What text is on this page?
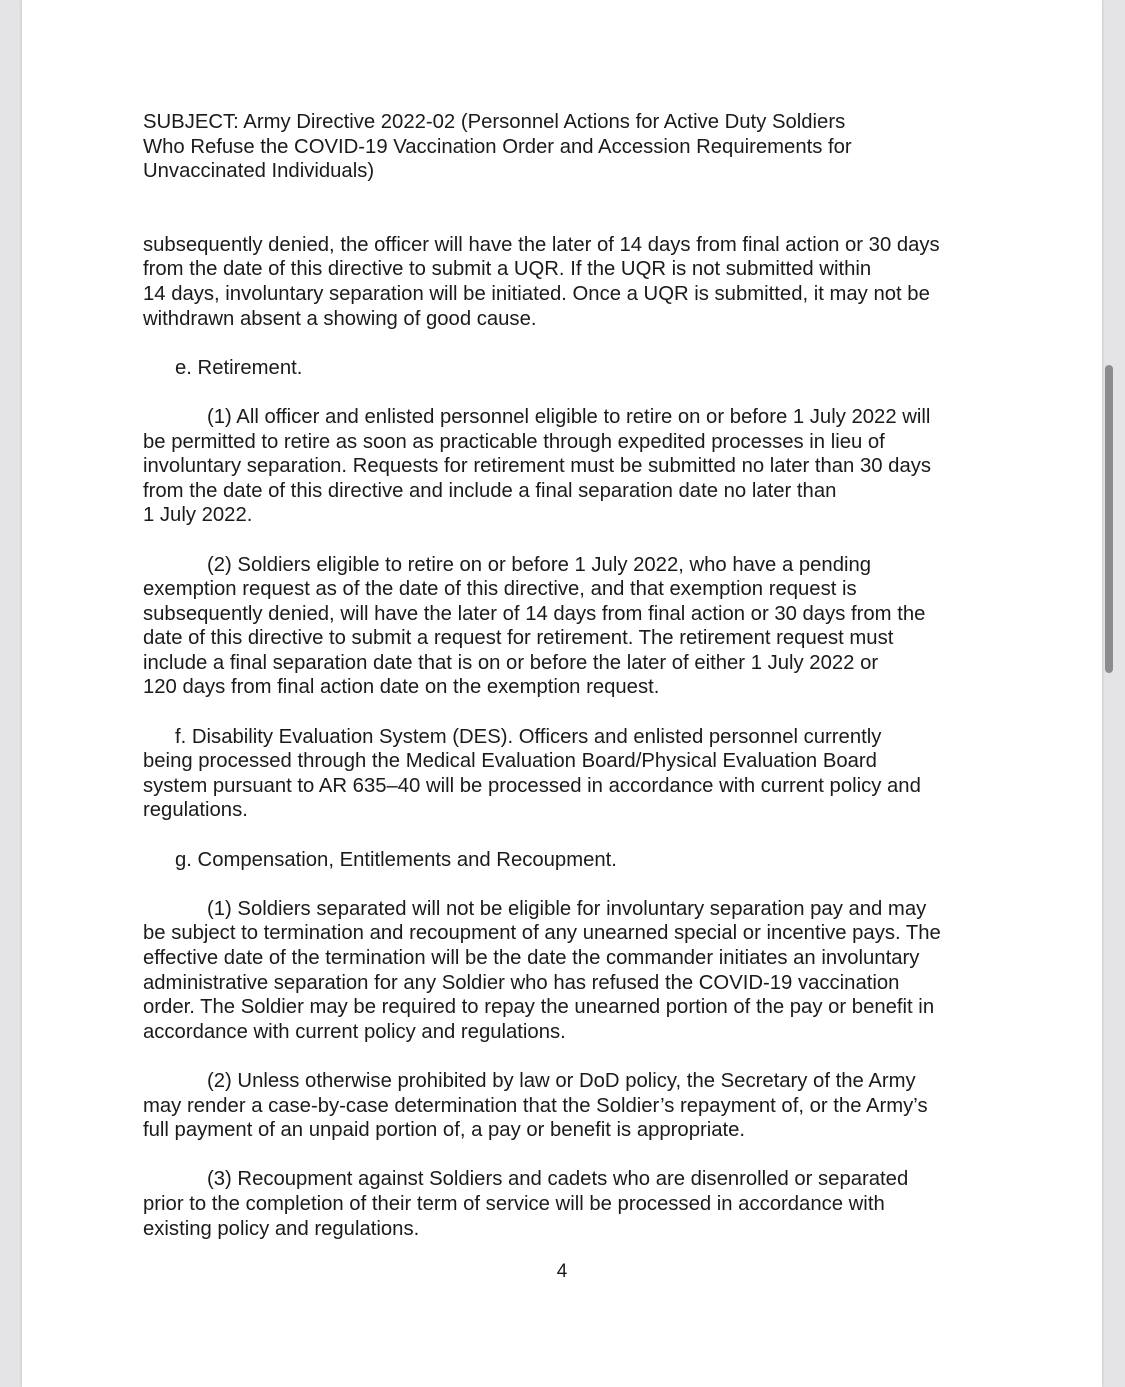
SUBJECT: Army Directive 2022-02 (Personnel Actions for Active Duty Soldiers
Who Refuse the COVID-19 Vaccination Order and Accession Requirements for
Unvaccinated Individuals)

subsequently denied, the officer will have the later of 14 days from final action or 30 days
from the date of this directive to submit a UQR. If the UQR is not submitted within
14 days, involuntary separation will be initiated. Once a UQR is submitted, it may not be
withdrawn absent a showing of good cause.

e. Retirement.

(1) All officer and enlisted personnel eligible to retire on or before 1 July 2022 will
be permitted to retire as soon as practicable through expedited processes in lieu of
involuntary separation. Requests for retirement must be submitted no later than 30 days
from the date of this directive and include a final separation date no later than
1 July 2022.

(2) Soldiers eligible to retire on or before 1 July 2022, who have a pending
exemption request as of the date of this directive, and that exemption request is
subsequently denied, will have the later of 14 days from final action or 30 days from the
date of this directive to submit a request for retirement. The retirement request must
include a final separation date that is on or before the later of either 1 July 2022 or
120 days from final action date on the exemption request.

f. Disability Evaluation System (DES). Officers and enlisted personnel currently
being processed through the Medical Evaluation Board/Physical Evaluation Board
system pursuant to AR 635–40 will be processed in accordance with current policy and
regulations.

g. Compensation, Entitlements and Recoupment.

(1) Soldiers separated will not be eligible for involuntary separation pay and may
be subject to termination and recoupment of any unearned special or incentive pays. The
effective date of the termination will be the date the commander initiates an involuntary
administrative separation for any Soldier who has refused the COVID-19 vaccination
order. The Soldier may be required to repay the unearned portion of the pay or benefit in
accordance with current policy and regulations.

(2) Unless otherwise prohibited by law or DoD policy, the Secretary of the Army
may render a case-by-case determination that the Soldier’s repayment of, or the Army’s
full payment of an unpaid portion of, a pay or benefit is appropriate.

(3) Recoupment against Soldiers and cadets who are disenrolled or separated
prior to the completion of their term of service will be processed in accordance with
existing policy and regulations.

4
